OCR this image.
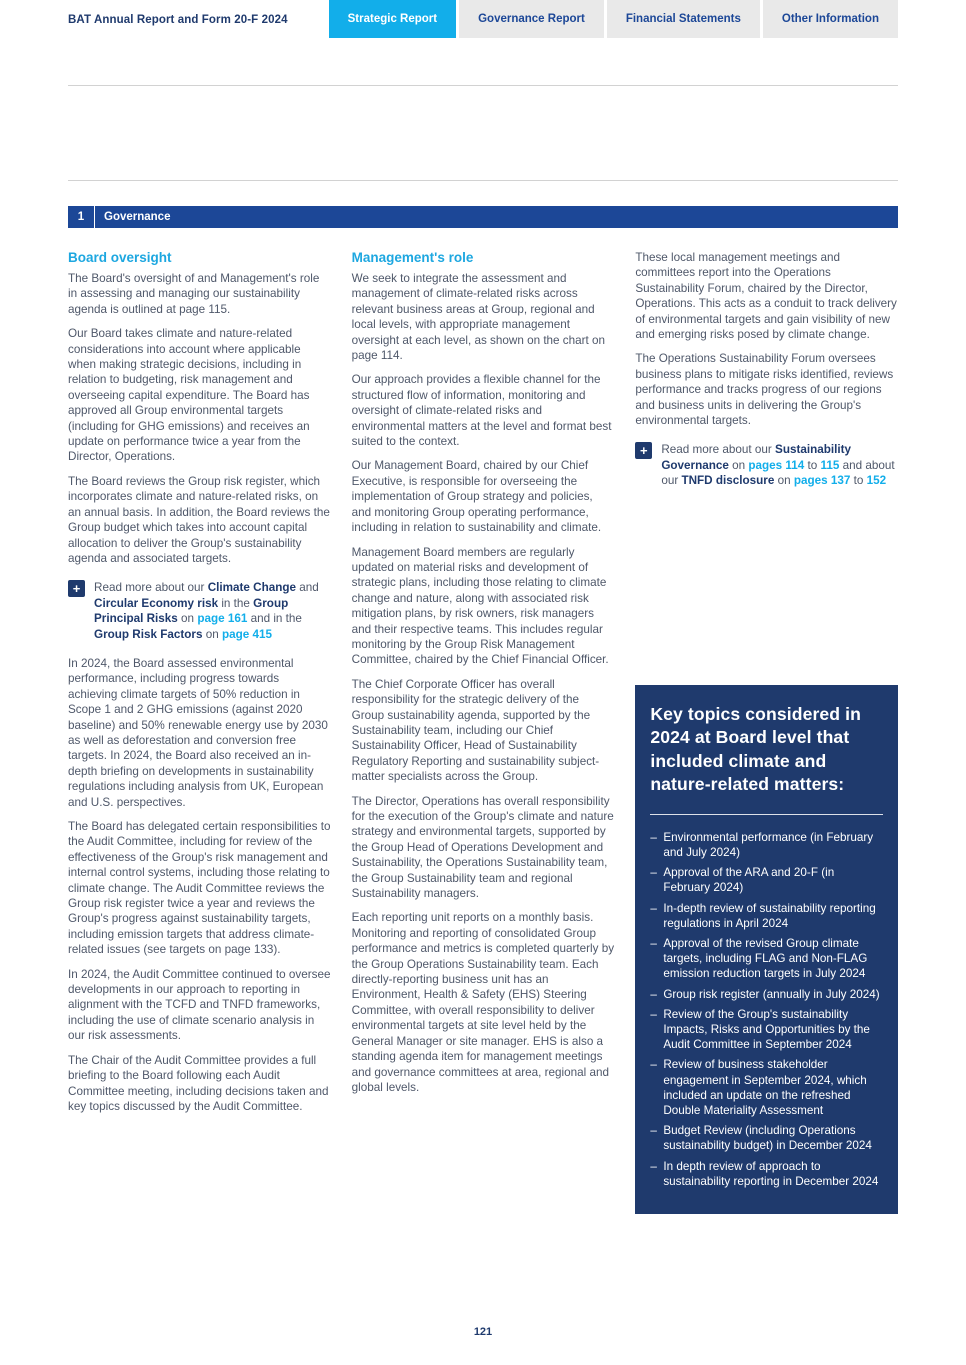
BAT Annual Report and Form 20-F 2024	Strategic Report	Governance Report	Financial Statements	Other Information
1	Governance
Board oversight

The Board's oversight of and Management's role in assessing and managing our sustainability agenda is outlined at page 115.

Our Board takes climate and nature-related considerations into account where applicable when making strategic decisions, including in relation to budgeting, risk management and overseeing capital expenditure. The Board has approved all Group environmental targets (including for GHG emissions) and receives an update on performance twice a year from the Director, Operations.

The Board reviews the Group risk register, which incorporates climate and nature-related risks, on an annual basis. In addition, the Board reviews the Group budget which takes into account capital allocation to deliver the Group's sustainability agenda and associated targets.

+	Read more about our Climate Change and Circular Economy risk in the Group Principal Risks on page 161 and in the Group Risk Factors on page 415

In 2024, the Board assessed environmental performance, including progress towards achieving climate targets of 50% reduction in Scope 1 and 2 GHG emissions (against 2020 baseline) and 50% renewable energy use by 2030 as well as deforestation and conversion free targets. In 2024, the Board also received an in-depth briefing on developments in sustainability regulations including analysis from UK, European and U.S. perspectives.

The Board has delegated certain responsibilities to the Audit Committee, including for review of the effectiveness of the Group's risk management and internal control systems, including those relating to climate change. The Audit Committee reviews the Group risk register twice a year and reviews the Group's progress against sustainability targets, including emission targets that address climate-related issues (see targets on page 133).

In 2024, the Audit Committee continued to oversee developments in our approach to reporting in alignment with the TCFD and TNFD frameworks, including the use of climate scenario analysis in our risk assessments.

The Chair of the Audit Committee provides a full briefing to the Board following each Audit Committee meeting, including decisions taken and key topics discussed by the Audit Committee.

Management's role

We seek to integrate the assessment and management of climate-related risks across relevant business areas at Group, regional and local levels, with appropriate management oversight at each level, as shown on the chart on page 114.

Our approach provides a flexible channel for the structured flow of information, monitoring and oversight of climate-related risks and environmental matters at the level and format best suited to the context.

Our Management Board, chaired by our Chief Executive, is responsible for overseeing the implementation of Group strategy and policies, and monitoring Group operating performance, including in relation to sustainability and climate.

Management Board members are regularly updated on material risks and development of strategic plans, including those relating to climate change and nature, along with associated risk mitigation plans, by risk owners, risk managers and their respective teams. This includes regular monitoring by the Group Risk Management Committee, chaired by the Chief Financial Officer.

The Chief Corporate Officer has overall responsibility for the strategic delivery of the Group sustainability agenda, supported by the Sustainability team, including our Chief Sustainability Officer, Head of Sustainability Regulatory Reporting and sustainability subject-matter specialists across the Group.

The Director, Operations has overall responsibility for the execution of the Group's climate and nature strategy and environmental targets, supported by the Group Head of Operations Development and Sustainability, the Operations Sustainability team, the Group Sustainability team and regional Sustainability managers.

Each reporting unit reports on a monthly basis. Monitoring and reporting of consolidated Group performance and metrics is completed quarterly by the Group Operations Sustainability team. Each directly-reporting business unit has an Environment, Health & Safety (EHS) Steering Committee, with overall responsibility to deliver environmental targets at site level held by the General Manager or site manager. EHS is also a standing agenda item for management meetings and governance committees at area, regional and global levels.

These local management meetings and committees report into the Operations Sustainability Forum, chaired by the Director, Operations. This acts as a conduit to track delivery of environmental targets and gain visibility of new and emerging risks posed by climate change.

The Operations Sustainability Forum oversees business plans to mitigate risks identified, reviews performance and tracks progress of our regions and business units in delivering the Group's environmental targets.

+	Read more about our Sustainability Governance on pages 114 to 115 and about our TNFD disclosure on pages 137 to 152

Key topics considered in 2024 at Board level that included climate and nature-related matters:
– Environmental performance (in February and July 2024)
– Approval of the ARA and 20-F (in February 2024)
– In-depth review of sustainability reporting regulations in April 2024
– Approval of the revised Group climate targets, including FLAG and Non-FLAG emission reduction targets in July 2024
– Group risk register (annually in July 2024)
– Review of the Group's sustainability Impacts, Risks and Opportunities by the Audit Committee in September 2024
– Review of business stakeholder engagement in September 2024, which included an update on the refreshed Double Materiality Assessment
– Budget Review (including Operations sustainability budget) in December 2024
– In depth review of approach to sustainability reporting in December 2024
121
